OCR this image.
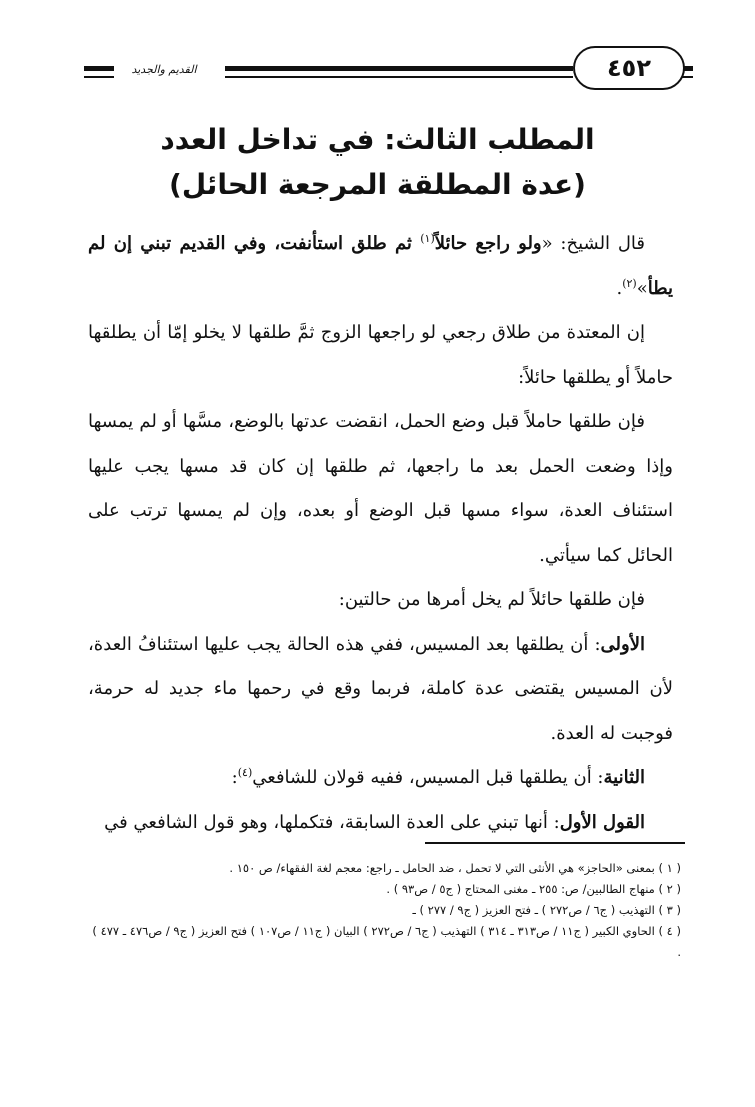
٤٥٢
القديم والجديد
المطلب الثالث: في تداخل العدد
(عدة المطلقة المرجعة الحائل)

قال الشيخ: «ولو راجع حائلاً$^{(١)}$ ثم طلق استأنفت، وفي القديم تبني إن لم يطأ»$^{(٢)}$.

إن المعتدة من طلاق رجعي لو راجعها الزوج ثمَّ طلقها لا يخلو إمّا أن يطلقها حاملاً أو يطلقها حائلاً:

فإن طلقها حاملاً قبل وضع الحمل، انقضت عدتها بالوضع، مسَّها أو لم يمسها وإذا وضعت الحمل بعد ما راجعها، ثم طلقها إن كان قد مسها يجب عليها استئناف العدة، سواء مسها قبل الوضع أو بعده، وإن لم يمسها ترتب على الحائل كما سيأتي.

فإن طلقها حائلاً لم يخل أمرها من حالتين:

الأولى: أن يطلقها بعد المسيس، ففي هذه الحالة يجب عليها استئنافُ العدة، لأن المسيس يقتضى عدة كاملة، فربما وقع في رحمها ماء جديد له حرمة، فوجبت له العدة.

الثانية: أن يطلقها قبل المسيس، ففيه قولان للشافعي$^{(٤)}$:

القول الأول: أنها تبني على العدة السابقة، فتكملها، وهو قول الشافعي في

( ١ ) بمعنى «الحاجز» هي الأنثى التي لا تحمل ، ضد الحامل ـ راجع: معجم لغة الفقهاء/ ص ١٥٠ .

( ٢ ) منهاج الطالبين/ ص: ٢٥٥ ـ مغنى المحتاج ( ج٥ / ص٩٣ ) .

( ٣ ) التهذيب ( ج٦ / ص٢٧٢ ) ـ فتح العزيز ( ج٩ / ٢٧٧ ) ـ

( ٤ ) الحاوي الكبير ( ج١١ / ص٣١٣ ـ ٣١٤ ) التهذيب ( ج٦ / ص٢٧٢ ) البيان ( ج١١ / ص١٠٧ ) فتح العزيز ( ج٩ / ص٤٧٦ ـ ٤٧٧ ) .
